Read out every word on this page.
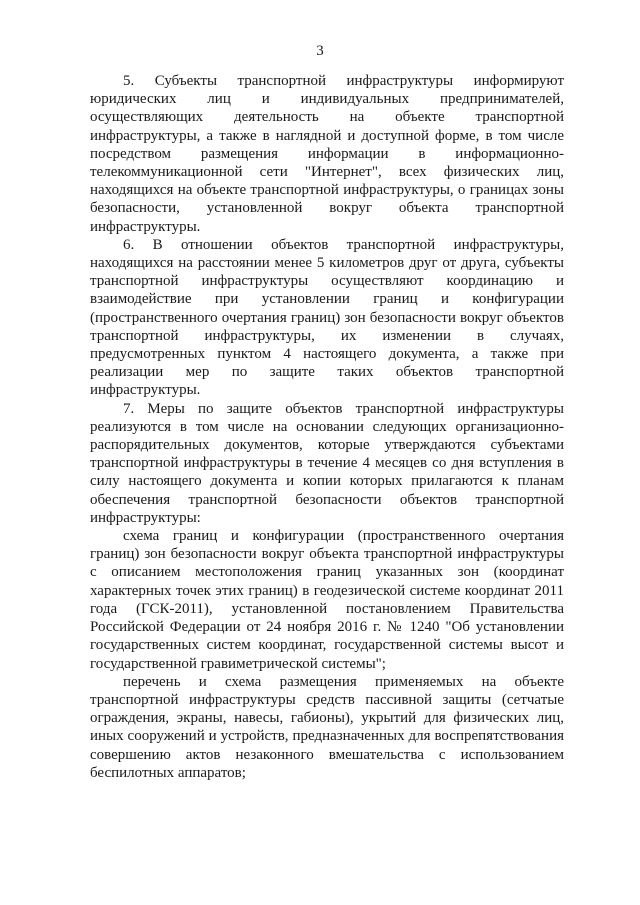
3

5. Субъекты транспортной инфраструктуры информируют юридических лиц и индивидуальных предпринимателей, осуществляющих деятельность на объекте транспортной инфраструктуры, а также в наглядной и доступной форме, в том числе посредством размещения информации в информационно-телекоммуникационной сети "Интернет", всех физических лиц, находящихся на объекте транспортной инфраструктуры, о границах зоны безопасности, установленной вокруг объекта транспортной инфраструктуры.

6. В отношении объектов транспортной инфраструктуры, находящихся на расстоянии менее 5 километров друг от друга, субъекты транспортной инфраструктуры осуществляют координацию и взаимодействие при установлении границ и конфигурации (пространственного очертания границ) зон безопасности вокруг объектов транспортной инфраструктуры, их изменении в случаях, предусмотренных пунктом 4 настоящего документа, а также при реализации мер по защите таких объектов транспортной инфраструктуры.

7. Меры по защите объектов транспортной инфраструктуры реализуются в том числе на основании следующих организационно-распорядительных документов, которые утверждаются субъектами транспортной инфраструктуры в течение 4 месяцев со дня вступления в силу настоящего документа и копии которых прилагаются к планам обеспечения транспортной безопасности объектов транспортной инфраструктуры:

схема границ и конфигурации (пространственного очертания границ) зон безопасности вокруг объекта транспортной инфраструктуры с описанием местоположения границ указанных зон (координат характерных точек этих границ) в геодезической системе координат 2011 года (ГСК-2011), установленной постановлением Правительства Российской Федерации от 24 ноября 2016 г. № 1240 "Об установлении государственных систем координат, государственной системы высот и государственной гравиметрической системы";

перечень и схема размещения применяемых на объекте транспортной инфраструктуры средств пассивной защиты (сетчатые ограждения, экраны, навесы, габионы), укрытий для физических лиц, иных сооружений и устройств, предназначенных для воспрепятствования совершению актов незаконного вмешательства с использованием беспилотных аппаратов;
